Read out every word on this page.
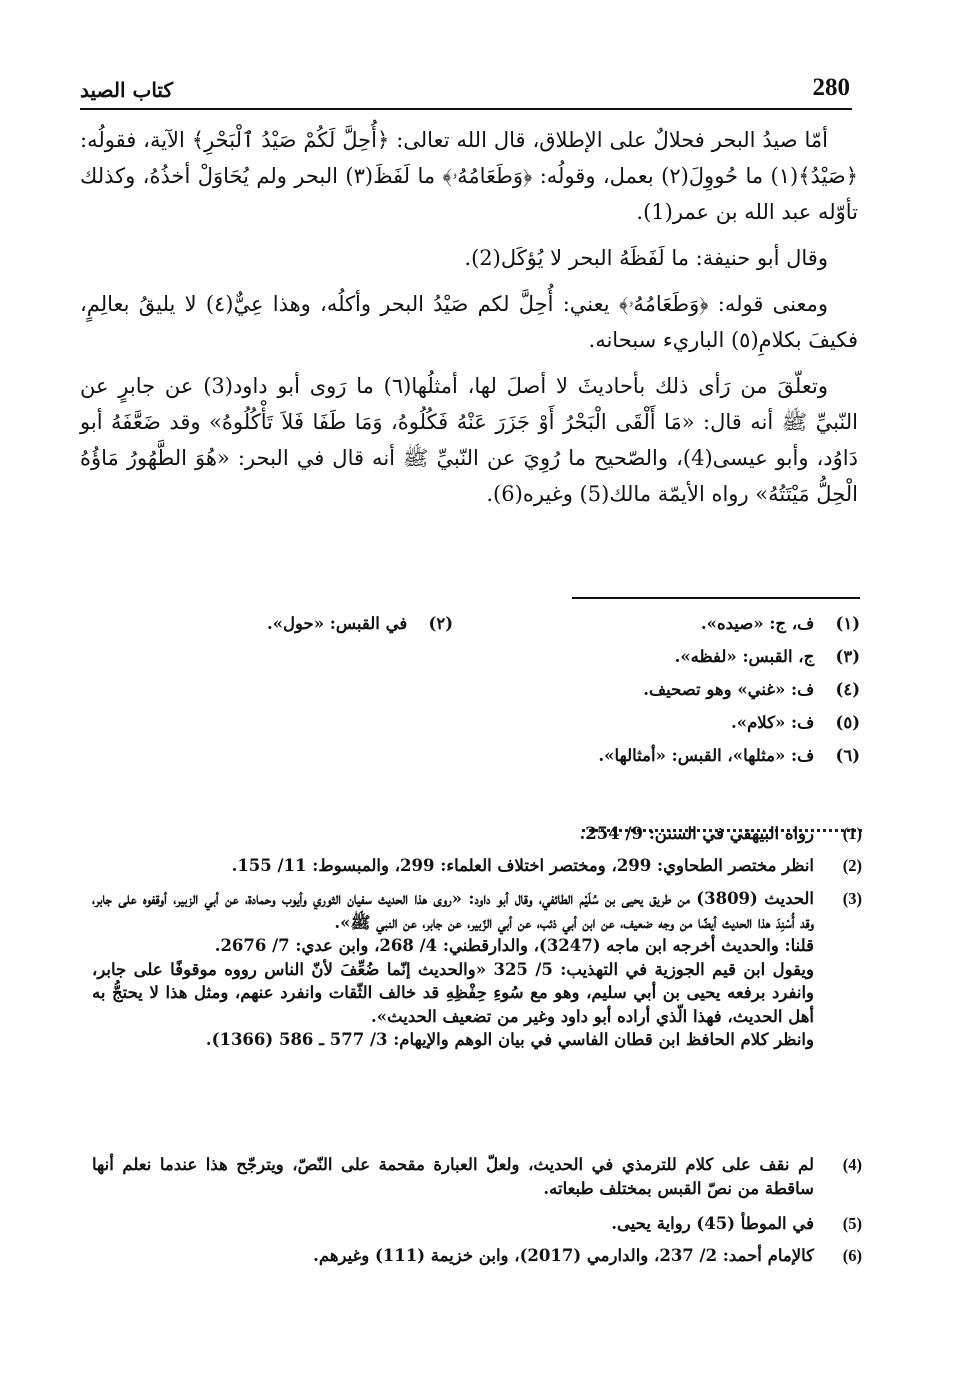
280
كتاب الصيد

أمّا صيدُ البحر فحلالٌ على الإطلاق، قال الله تعالى: ﴿أُحِلَّ لَكُمْ صَيْدُ ٱلْبَحْرِ﴾ الآية، فقولُه: ﴿صَيْدُ﴾(١) ما حُووِلَ(٢) بعمل، وقولُه: ﴿وَطَعَامُهُۥ﴾ ما لَفَظَ(٣) البحر ولم يُحَاوَلْ أخذُهُ، وكذلك تأوّله عبد الله بن عمر(1).

وقال أبو حنيفة: ما لَفَظَهُ البحر لا يُؤكَل(2).

ومعنى قوله: ﴿وَطَعَامُهُۥ﴾ يعني: أُحِلَّ لكم صَيْدُ البحر وأكلُه، وهذا عِيٌّ(٤) لا يليقُ بعالِمٍ، فكيفَ بكلامِ(٥) الباريء سبحانه.

وتعلّقَ من رَأى ذلك بأحاديثَ لا أصلَ لها، أمثلُها(٦) ما رَوى أبو داود(3) عن جابرٍ عن النّبيِّ ﷺ أنه قال: «مَا أَلْقَى الْبَحْرُ أَوْ جَزَرَ عَنْهُ فَكُلُوهُ، وَمَا طَفَا فَلاَ تَأْكُلُوهُ» وقد ضَعَّفَهُ أبو دَاوُد، وأبو عيسى(4)، والصّحيح ما رُوِيَ عن النّبيِّ ﷺ أنه قال في البحر: «هُوَ الطَّهُورُ مَاؤُهُ الْحِلُّ مَيْتَتُهُ» رواه الأيمّة مالك(5) وغيره(6).

(١) ف، ج: «صيده».
(٢) في القبس: «حول».
(٣) ج، القبس: «لفظه».
(٤) ف: «غني» وهو تصحيف.
(٥) ف: «كلام».
(٦) ف: «مثلها»، القبس: «أمثالها».
(1)

رواه البيهقي في السنن: 9/ 254.

(2)

انظر مختصر الطحاوي: 299، ومختصر اختلاف العلماء: 299، والمبسوط: 11/ 155.

(3)

الحديث (3809) من طريق يحيى بن سُلَيْم الطائفي، وقال أبو داود: «روى هذا الحديث سفيان الثوري وأيوب وحمادة، عن أبي الزبير، أوقفوه على جابر، وقد أُسْنِدَ هذا الحديث أيضًا من وجه ضعيف، عن ابن أبي ذئب، عن أبي الزّبير، عن جابر، عن النبي ﷺ».

قلنا: والحديث أخرجه ابن ماجه (3247)، والدارقطني: 4/ 268، وابن عدي: 7/ 2676.

ويقول ابن قيم الجوزية في التهذيب: 5/ 325 «والحديث إنّما ضُعِّفَ لأنّ الناس رووه موقوفًا على جابر، وانفرد برفعه يحيى بن أبي سليم، وهو مع سُوءِ حِفْظِهِ قد خالف الثّقات وانفرد عنهم، ومثل هذا لا يحتجُّ به أهل الحديث، فهذا الّذي أراده أبو داود وغير من تضعيف الحديث».

وانظر كلام الحافظ ابن قطان الفاسي في بيان الوهم والإيهام: 3/ 577 ـ 586 (1366).

(4)

لم نقف على كلام للترمذي في الحديث، ولعلّ العبارة مقحمة على النّصّ، ويترجّح هذا عندما نعلم أنها ساقطة من نصّ القبس بمختلف طبعاته.

(5)

في الموطأ (45) رواية يحيى.

(6)

كالإمام أحمد: 2/ 237، والدارمي (2017)، وابن خزيمة (111) وغيرهم.
